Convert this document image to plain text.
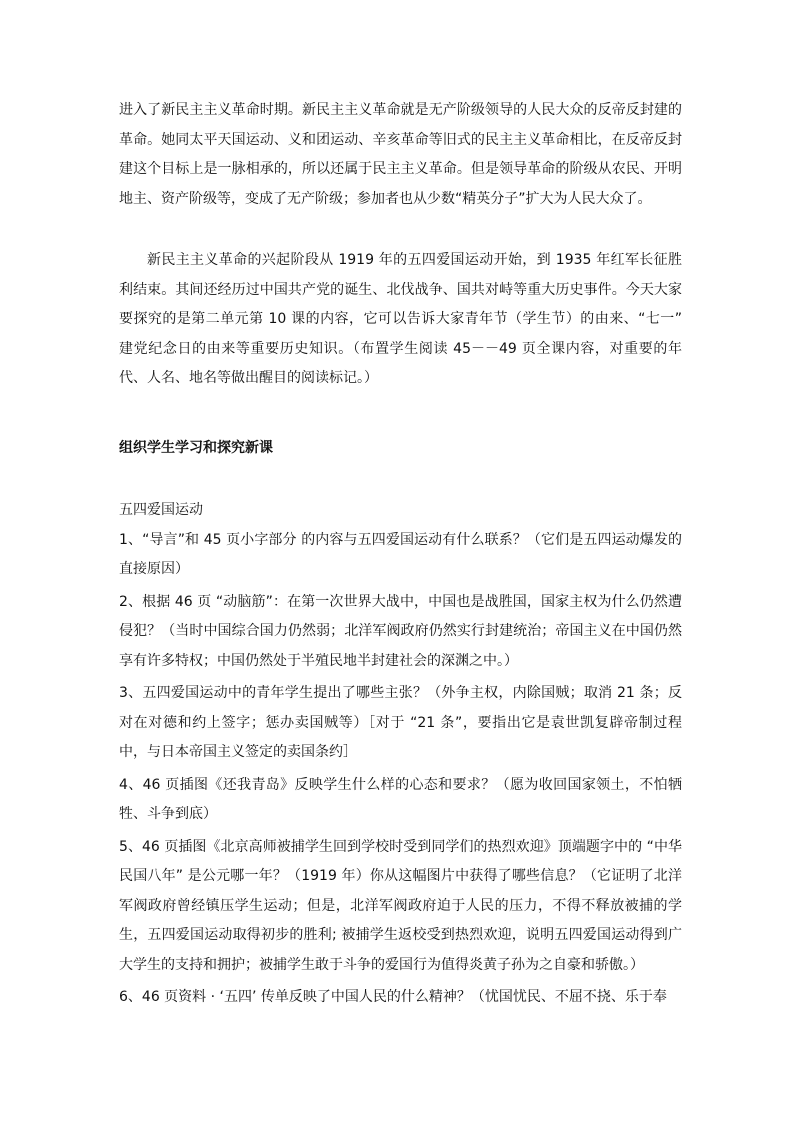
进入了新民主主义革命时期。新民主主义革命就是无产阶级领导的人民大众的反帝反封建的革命。她同太平天国运动、义和团运动、辛亥革命等旧式的民主主义革命相比，在反帝反封建这个目标上是一脉相承的，所以还属于民主主义革命。但是领导革命的阶级从农民、开明地主、资产阶级等，变成了无产阶级；参加者也从少数“精英分子”扩大为人民大众了。

新民主主义革命的兴起阶段从 1919 年的五四爱国运动开始，到 1935 年红军长征胜利结束。其间还经历过中国共产党的诞生、北伐战争、国共对峙等重大历史事件。今天大家要探究的是第二单元第 10 课的内容，它可以告诉大家青年节（学生节）的由来、“七一” 建党纪念日的由来等重要历史知识。（布置学生阅读 45－－49 页全课内容，对重要的年代、人名、地名等做出醒目的阅读标记。）

组织学生学习和探究新课

五四爱国运动

1、“导言”和 45 页小字部分 的内容与五四爱国运动有什么联系？（它们是五四运动爆发的直接原因）

2、根据 46 页 “动脑筋”：在第一次世界大战中，中国也是战胜国，国家主权为什么仍然遭侵犯？（当时中国综合国力仍然弱；北洋军阀政府仍然实行封建统治；帝国主义在中国仍然享有许多特权；中国仍然处于半殖民地半封建社会的深渊之中。）

3、五四爱国运动中的青年学生提出了哪些主张？（外争主权，内除国贼；取消 21 条；反对在对德和约上签字；惩办卖国贼等）［对于 “21 条”，要指出它是袁世凯复辟帝制过程中，与日本帝国主义签定的卖国条约］

4、46 页插图《还我青岛》反映学生什么样的心态和要求？（愿为收回国家领土，不怕牺牲、斗争到底）

5、46 页插图《北京高师被捕学生回到学校时受到同学们的热烈欢迎》顶端题字中的 “中华民国八年” 是公元哪一年？（1919 年）你从这幅图片中获得了哪些信息？（它证明了北洋军阀政府曾经镇压学生运动；但是，北洋军阀政府迫于人民的压力，不得不释放被捕的学生，五四爱国运动取得初步的胜利; 被捕学生返校受到热烈欢迎，说明五四爱国运动得到广大学生的支持和拥护；被捕学生敢于斗争的爱国行为值得炎黄子孙为之自豪和骄傲。）

6、46 页资料 · ‘五四’ 传单反映了中国人民的什么精神？（忧国忧民、不屈不挠、乐于奉
